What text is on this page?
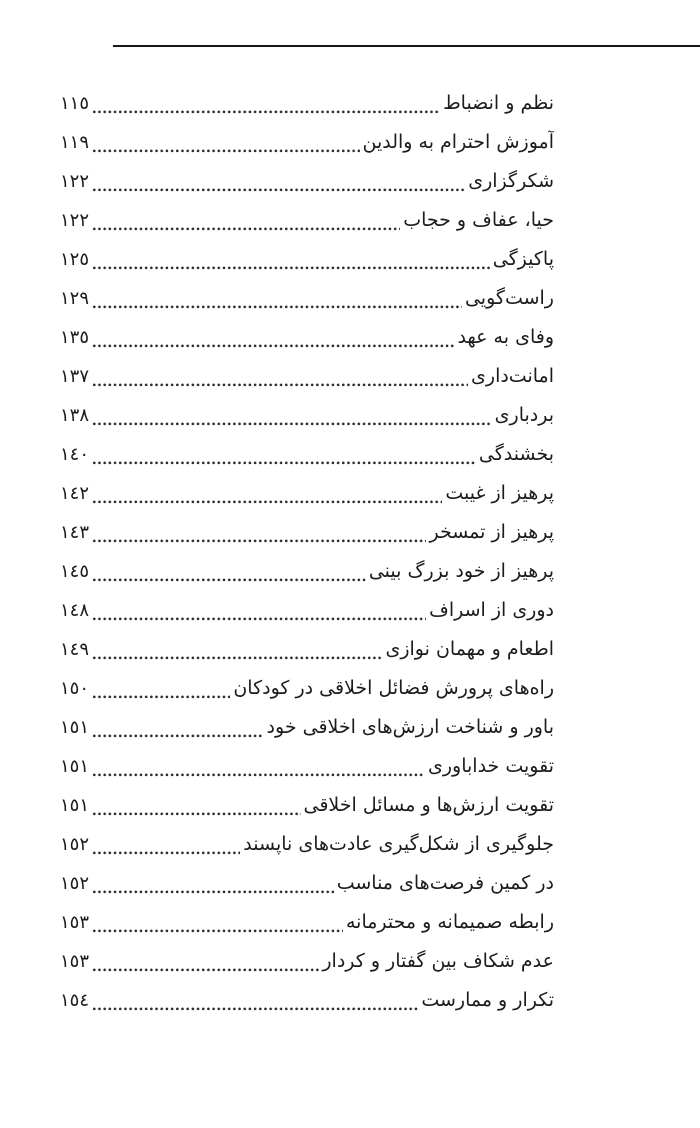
نظم و انضباط
١١٥
آموزش احترام به والدین
١١٩
شکرگزاری
١٢٢
حیا، عفاف و حجاب
١٢٢
پاکیزگی
١٢٥
راست‌گویی
١٢٩
وفای به عهد
١٣٥
امانت‌داری
١٣٧
بردباری
١٣٨
بخشندگی
١٤٠
پرهیز از غیبت
١٤٢
پرهیز از تمسخر
١٤٣
پرهیز از خود بزرگ بینی
١٤٥
دوری از اسراف
١٤٨
اطعام و مهمان نوازی
١٤٩
راه‌های پرورش فضائل اخلاقی در کودکان
١٥٠
باور و شناخت ارزش‌های اخلاقی خود
١٥١
تقویت خداباوری
١٥١
تقویت ارزش‌ها و مسائل اخلاقی
١٥١
جلوگیری از شکل‌گیری عادت‌های ناپسند
١٥٢
در کمین فرصت‌های مناسب
١٥٢
رابطه صمیمانه و محترمانه
١٥٣
عدم شکاف بین گفتار و کردار
١٥٣
تکرار و ممارست
١٥٤
